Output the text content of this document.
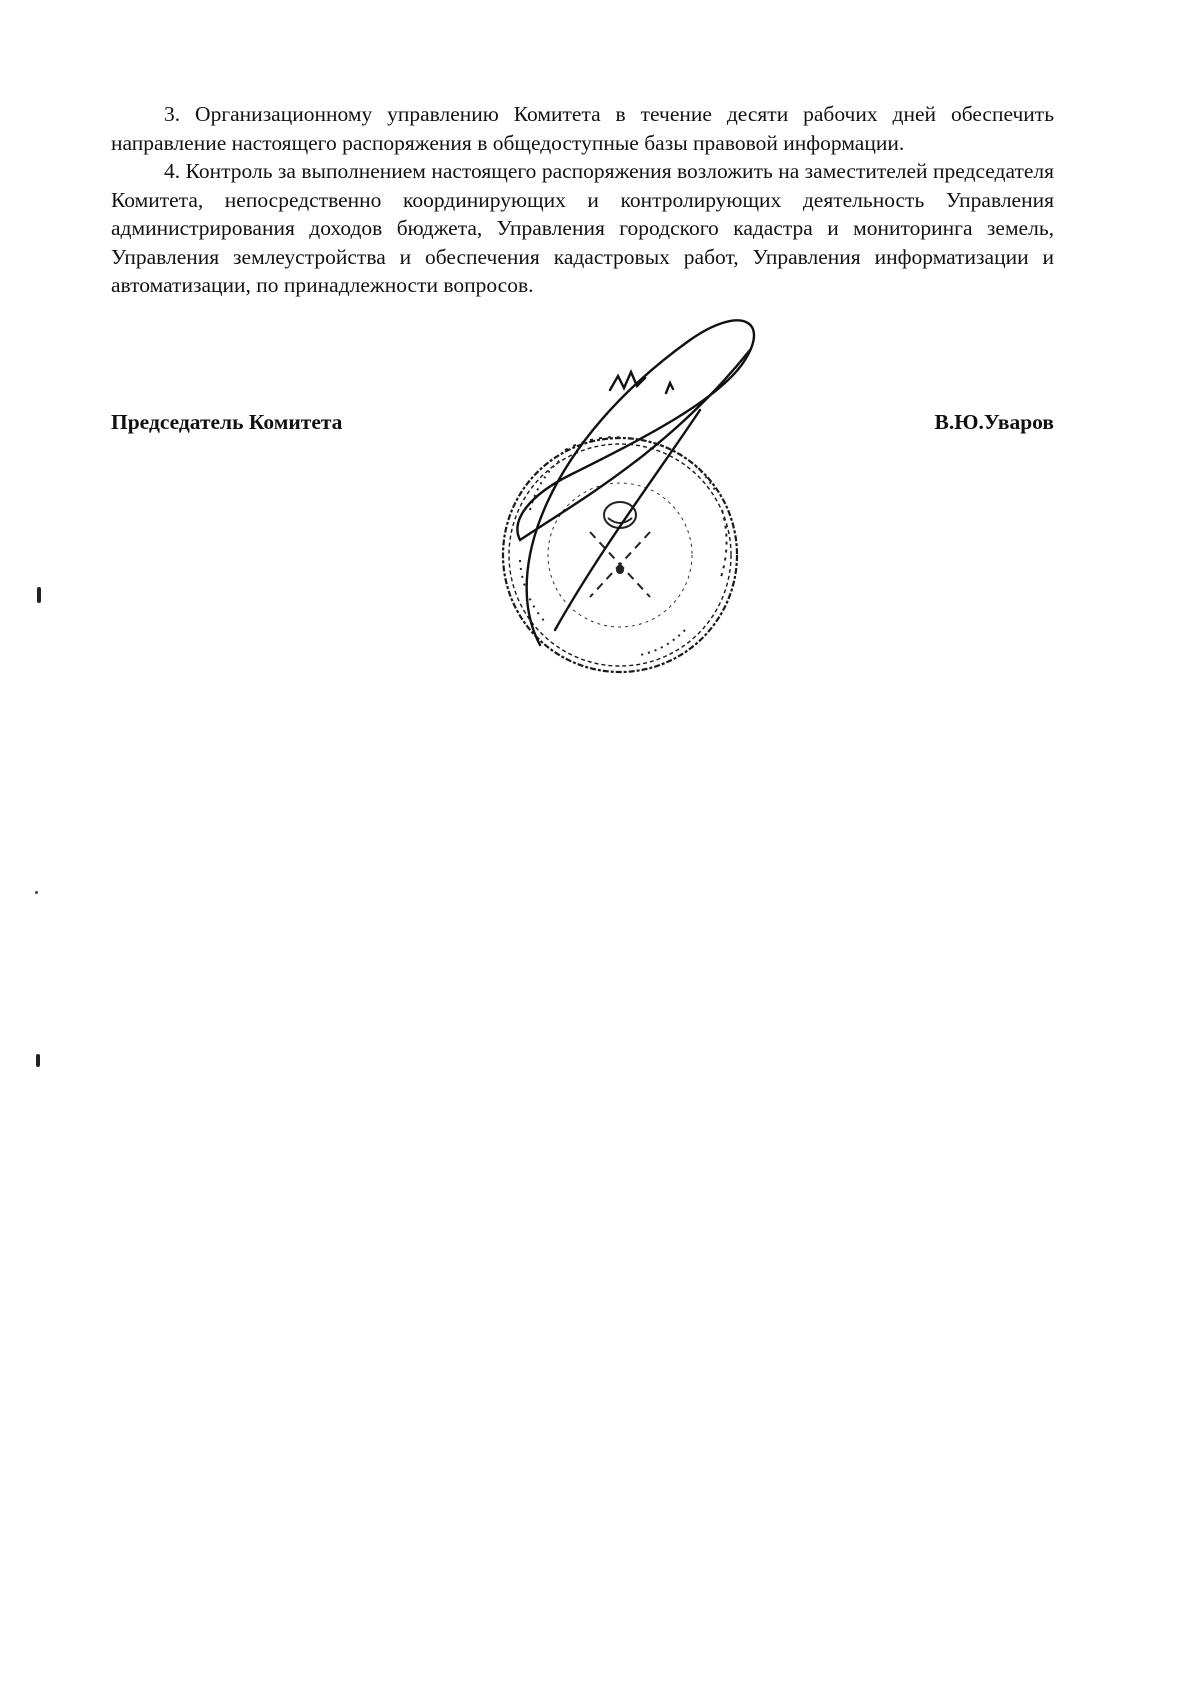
3. Организационному управлению Комитета в течение десяти рабочих дней обеспечить направление настоящего распоряжения в общедоступные базы правовой информации.

4. Контроль за выполнением настоящего распоряжения возложить на заместителей председателя Комитета, непосредственно координирующих и контролирующих деятельность Управления администрирования доходов бюджета, Управления городского кадастра и мониторинга земель, Управления землеустройства и обеспечения кадастровых работ, Управления информатизации и автоматизации, по принадлежности вопросов.

Председатель Комитета	В.Ю.Уваров
